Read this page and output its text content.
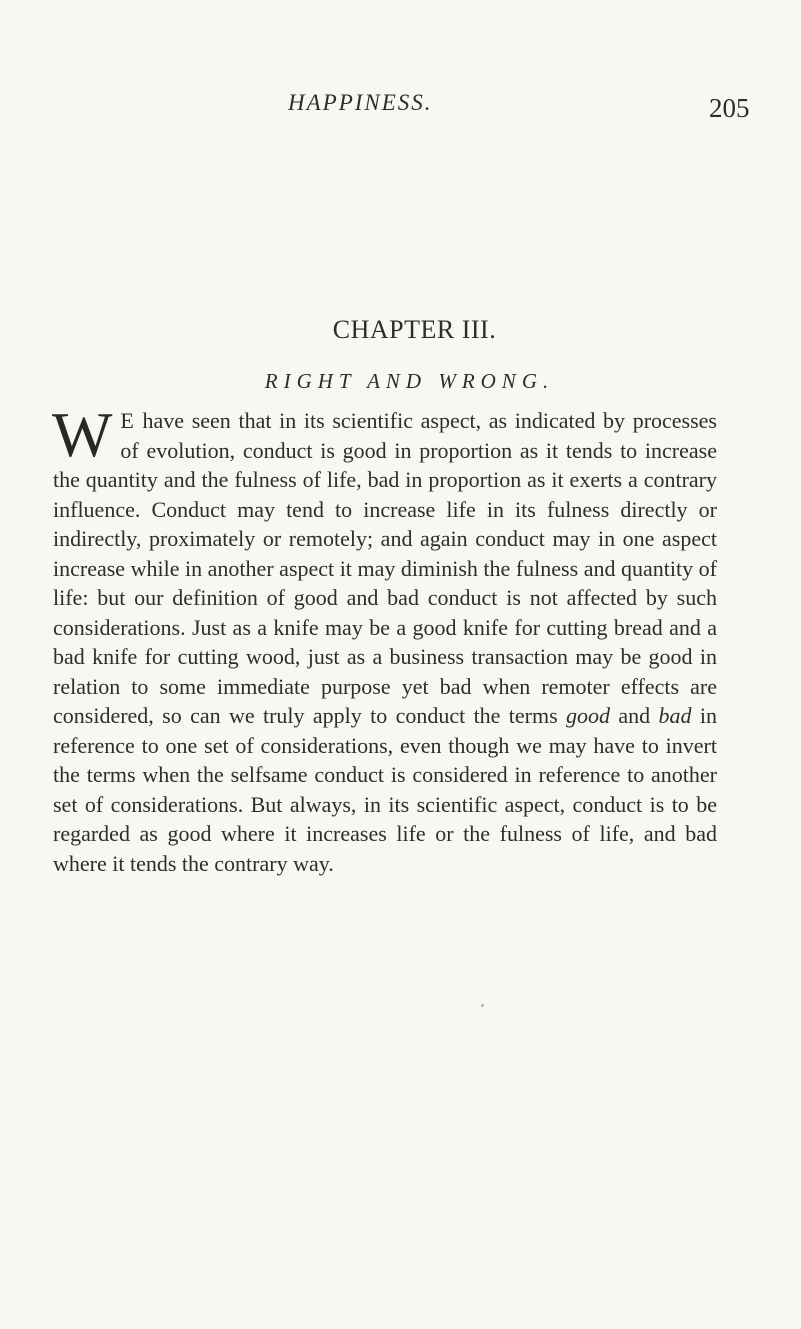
HAPPINESS.	205
CHAPTER III.
RIGHT AND WRONG.

W E have seen that in its scientific aspect, as indicated by processes of evolution, conduct is good in proportion as it tends to increase the quantity and the fulness of life, bad in proportion as it exerts a contrary influence. Conduct may tend to increase life in its fulness directly or indirectly, proximately or remotely; and again conduct may in one aspect increase while in another aspect it may diminish the fulness and quantity of life: but our definition of good and bad conduct is not affected by such considerations. Just as a knife may be a good knife for cutting bread and a bad knife for cutting wood, just as a business transaction may be good in relation to some immediate purpose yet bad when remoter effects are considered, so can we truly apply to conduct the terms good and bad in reference to one set of considerations, even though we may have to invert the terms when the selfsame conduct is considered in reference to another set of considerations. But always, in its scientific aspect, conduct is to be regarded as good where it increases life or the fulness of life, and bad where it tends the contrary way.
